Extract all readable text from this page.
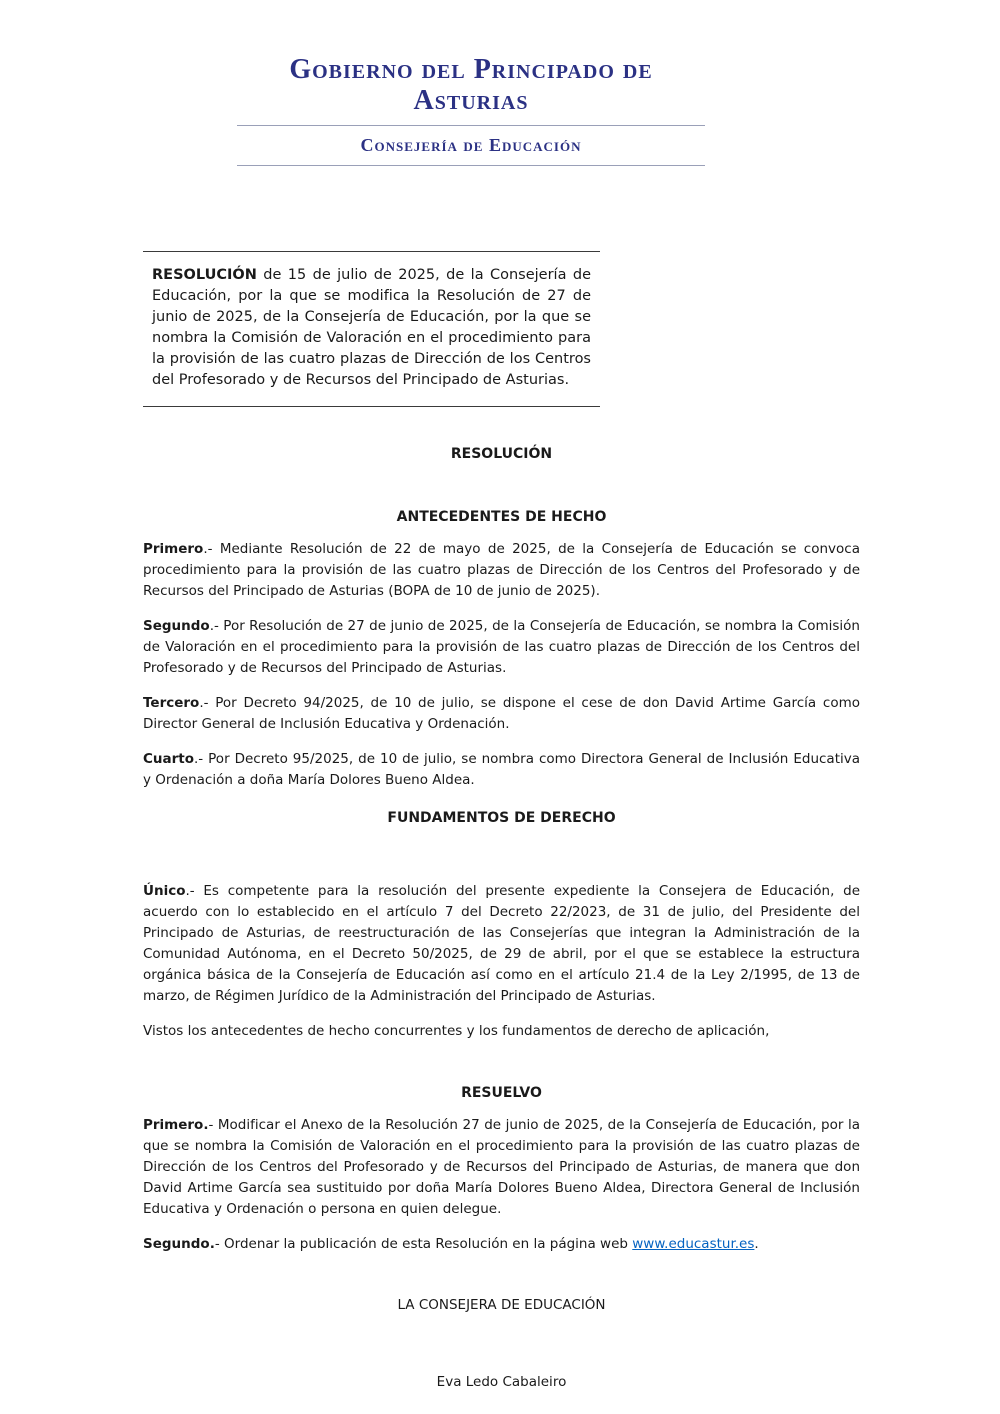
Gobierno del Principado de Asturias
Consejería de Educación

RESOLUCIÓN de 15 de julio de 2025, de la Consejería de Educación, por la que se modifica la Resolución de 27 de junio de 2025, de la Consejería de Educación, por la que se nombra la Comisión de Valoración en el procedimiento para la provisión de las cuatro plazas de Dirección de los Centros del Profesorado y de Recursos del Principado de Asturias.

RESOLUCIÓN
ANTECEDENTES DE HECHO

Primero.- Mediante Resolución de 22 de mayo de 2025, de la Consejería de Educación se convoca procedimiento para la provisión de las cuatro plazas de Dirección de los Centros del Profesorado y de Recursos del Principado de Asturias (BOPA de 10 de junio de 2025).

Segundo.- Por Resolución de 27 de junio de 2025, de la Consejería de Educación, se nombra la Comisión de Valoración en el procedimiento para la provisión de las cuatro plazas de Dirección de los Centros del Profesorado y de Recursos del Principado de Asturias.

Tercero.- Por Decreto 94/2025, de 10 de julio, se dispone el cese de don David Artime García como Director General de Inclusión Educativa y Ordenación.

Cuarto.- Por Decreto 95/2025, de 10 de julio, se nombra como Directora General de Inclusión Educativa y Ordenación a doña María Dolores Bueno Aldea.

FUNDAMENTOS DE DERECHO

Único.- Es competente para la resolución del presente expediente la Consejera de Educación, de acuerdo con lo establecido en el artículo 7 del Decreto 22/2023, de 31 de julio, del Presidente del Principado de Asturias, de reestructuración de las Consejerías que integran la Administración de la Comunidad Autónoma, en el Decreto 50/2025, de 29 de abril, por el que se establece la estructura orgánica básica de la Consejería de Educación así como en el artículo 21.4 de la Ley 2/1995, de 13 de marzo, de Régimen Jurídico de la Administración del Principado de Asturias.

Vistos los antecedentes de hecho concurrentes y los fundamentos de derecho de aplicación,

RESUELVO

Primero.- Modificar el Anexo de la Resolución 27 de junio de 2025, de la Consejería de Educación, por la que se nombra la Comisión de Valoración en el procedimiento para la provisión de las cuatro plazas de Dirección de los Centros del Profesorado y de Recursos del Principado de Asturias, de manera que don David Artime García sea sustituido por doña María Dolores Bueno Aldea, Directora General de Inclusión Educativa y Ordenación o persona en quien delegue.

Segundo.- Ordenar la publicación de esta Resolución en la página web www.educastur.es.

LA CONSEJERA DE EDUCACIÓN
Eva Ledo Cabaleiro
